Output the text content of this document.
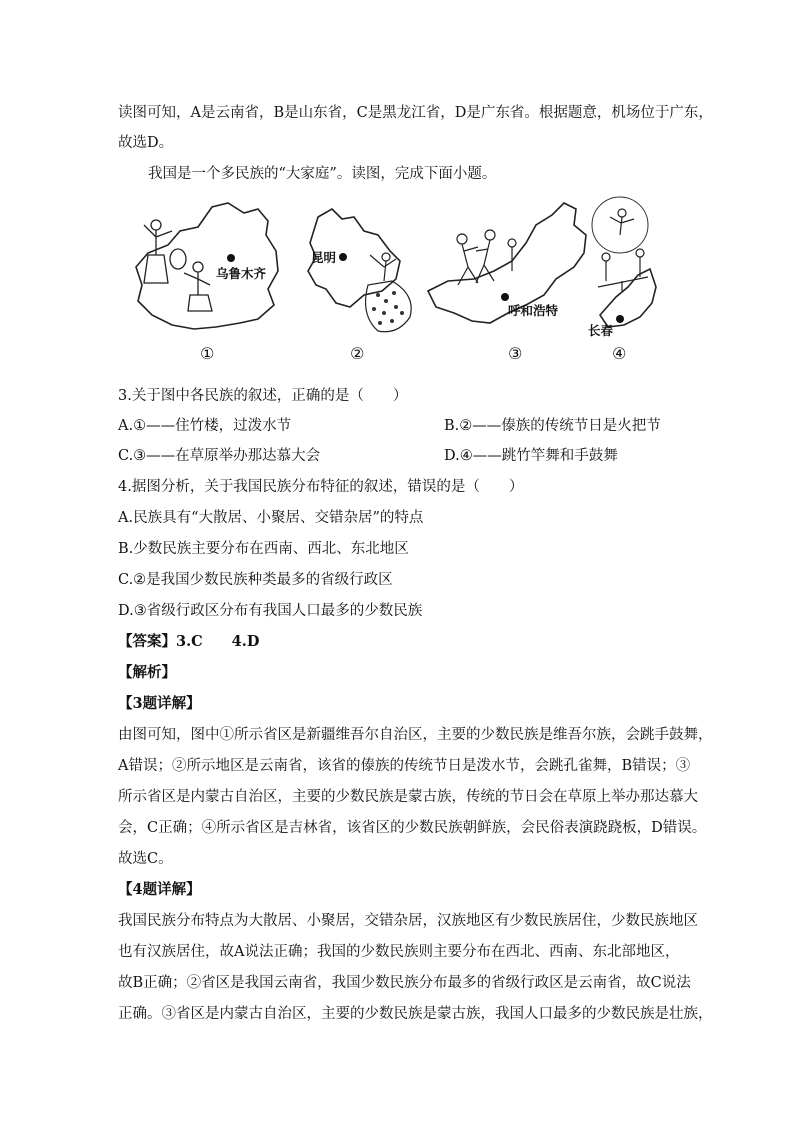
读图可知，A是云南省，B是山东省，C是黑龙江省，D是广东省。根据题意，机场位于广东，
故选D。
我国是一个多民族的“大家庭”。读图，完成下面小题。
乌鲁木齐
昆明
呼和浩特
长春
①	②	③	④
3.关于图中各民族的叙述，正确的是（　　）
A.①——住竹楼，过泼水节	B.②——傣族的传统节日是火把节
C.③——在草原举办那达慕大会	D.④——跳竹竿舞和手鼓舞
4.据图分析，关于我国民族分布特征的叙述，错误的是（　　）
A.民族具有“大散居、小聚居、交错杂居”的特点
B.少数民族主要分布在西南、西北、东北地区
C.②是我国少数民族种类最多的省级行政区
D.③省级行政区分布有我国人口最多的少数民族
【答案】3.C　　4.D
【解析】
【3题详解】
由图可知，图中①所示省区是新疆维吾尔自治区，主要的少数民族是维吾尔族，会跳手鼓舞，
A错误；②所示地区是云南省，该省的傣族的传统节日是泼水节，会跳孔雀舞，B错误；③
所示省区是内蒙古自治区，主要的少数民族是蒙古族，传统的节日会在草原上举办那达慕大
会，C正确；④所示省区是吉林省，该省区的少数民族朝鲜族，会民俗表演跷跷板，D错误。
故选C。
【4题详解】
我国民族分布特点为大散居、小聚居，交错杂居，汉族地区有少数民族居住，少数民族地区
也有汉族居住，故A说法正确；我国的少数民族则主要分布在西北、西南、东北部地区，
故B正确；②省区是我国云南省，我国少数民族分布最多的省级行政区是云南省，故C说法
正确。③省区是内蒙古自治区，主要的少数民族是蒙古族，我国人口最多的少数民族是壮族，
